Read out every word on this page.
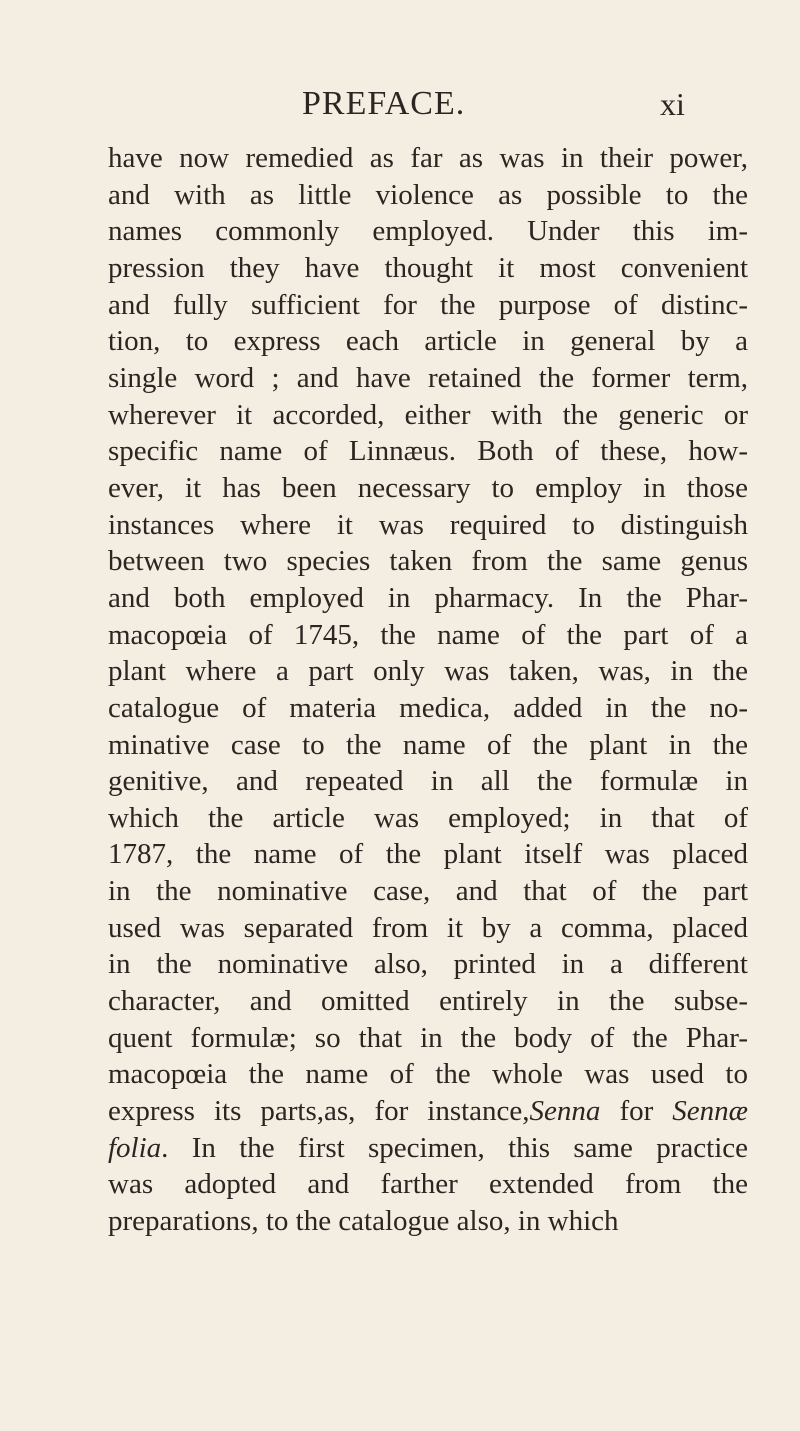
PREFACE.	xi
have now remedied as far as was in their power,
and with as little violence as possible to the
names commonly employed. Under this im-
pression they have thought it most convenient
and fully sufficient for the purpose of distinc-
tion, to express each article in general by a
single word ; and have retained the former term,
wherever it accorded, either with the generic or
specific name of Linnæus. Both of these, how-
ever, it has been necessary to employ in those
instances where it was required to distinguish
between two species taken from the same genus
and both employed in pharmacy. In the Phar-
macopœia of 1745, the name of the part of a
plant where a part only was taken, was, in the
catalogue of materia medica, added in the no-
minative case to the name of the plant in the
genitive, and repeated in all the formulæ in
which the article was employed; in that of
1787, the name of the plant itself was placed
in the nominative case, and that of the part
used was separated from it by a comma, placed
in the nominative also, printed in a different
character, and omitted entirely in the subse-
quent formulæ; so that in the body of the Phar-
macopœia the name of the whole was used to
express its parts,as, for instance,Senna for Sennæ
folia. In the first specimen, this same practice
was adopted and farther extended from the
preparations, to the catalogue also, in which
